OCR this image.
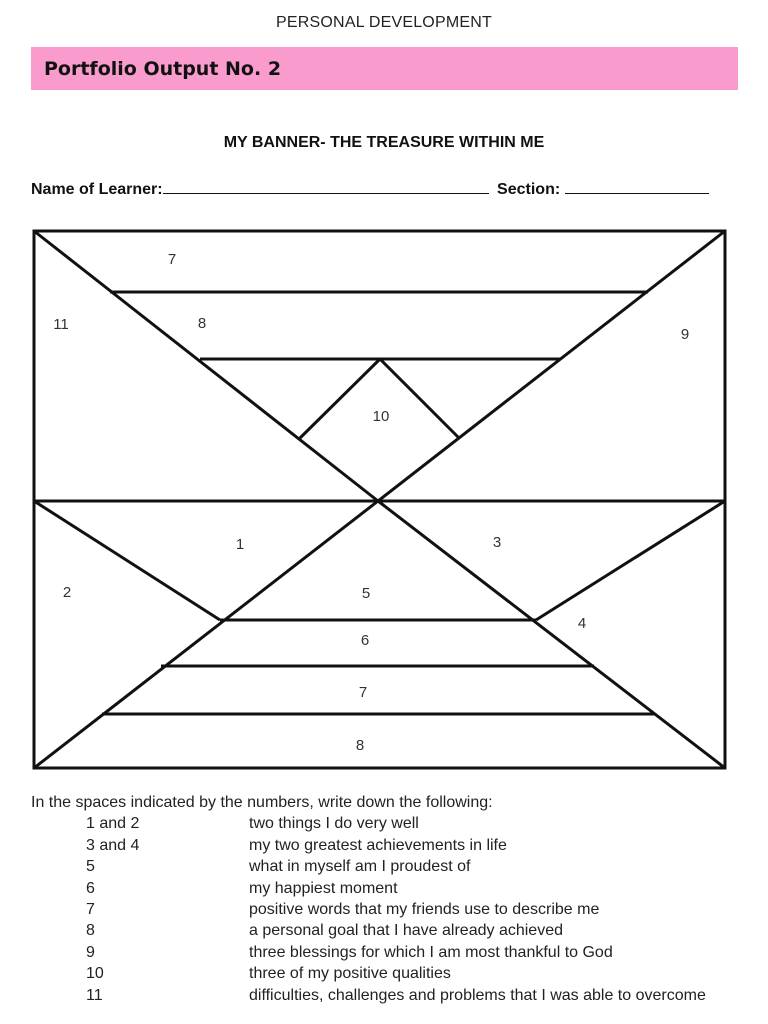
PERSONAL DEVELOPMENT
Portfolio Output No. 2
MY BANNER- THE TREASURE WITHIN ME
Name of Learner:	Section:
7
11	8
9
10
1	3
2	5
4
6
7
8
In the spaces indicated by the numbers, write down the following:
1 and 2	two things I do very well
3 and 4	my two greatest achievements in life
5	what in myself am I proudest of
6	my happiest moment
7	positive words that my friends use to describe me
8	a personal goal that I have already achieved
9	three blessings for which I am most thankful to God
10	three of my positive qualities
11	difficulties, challenges and problems that I was able to overcome
